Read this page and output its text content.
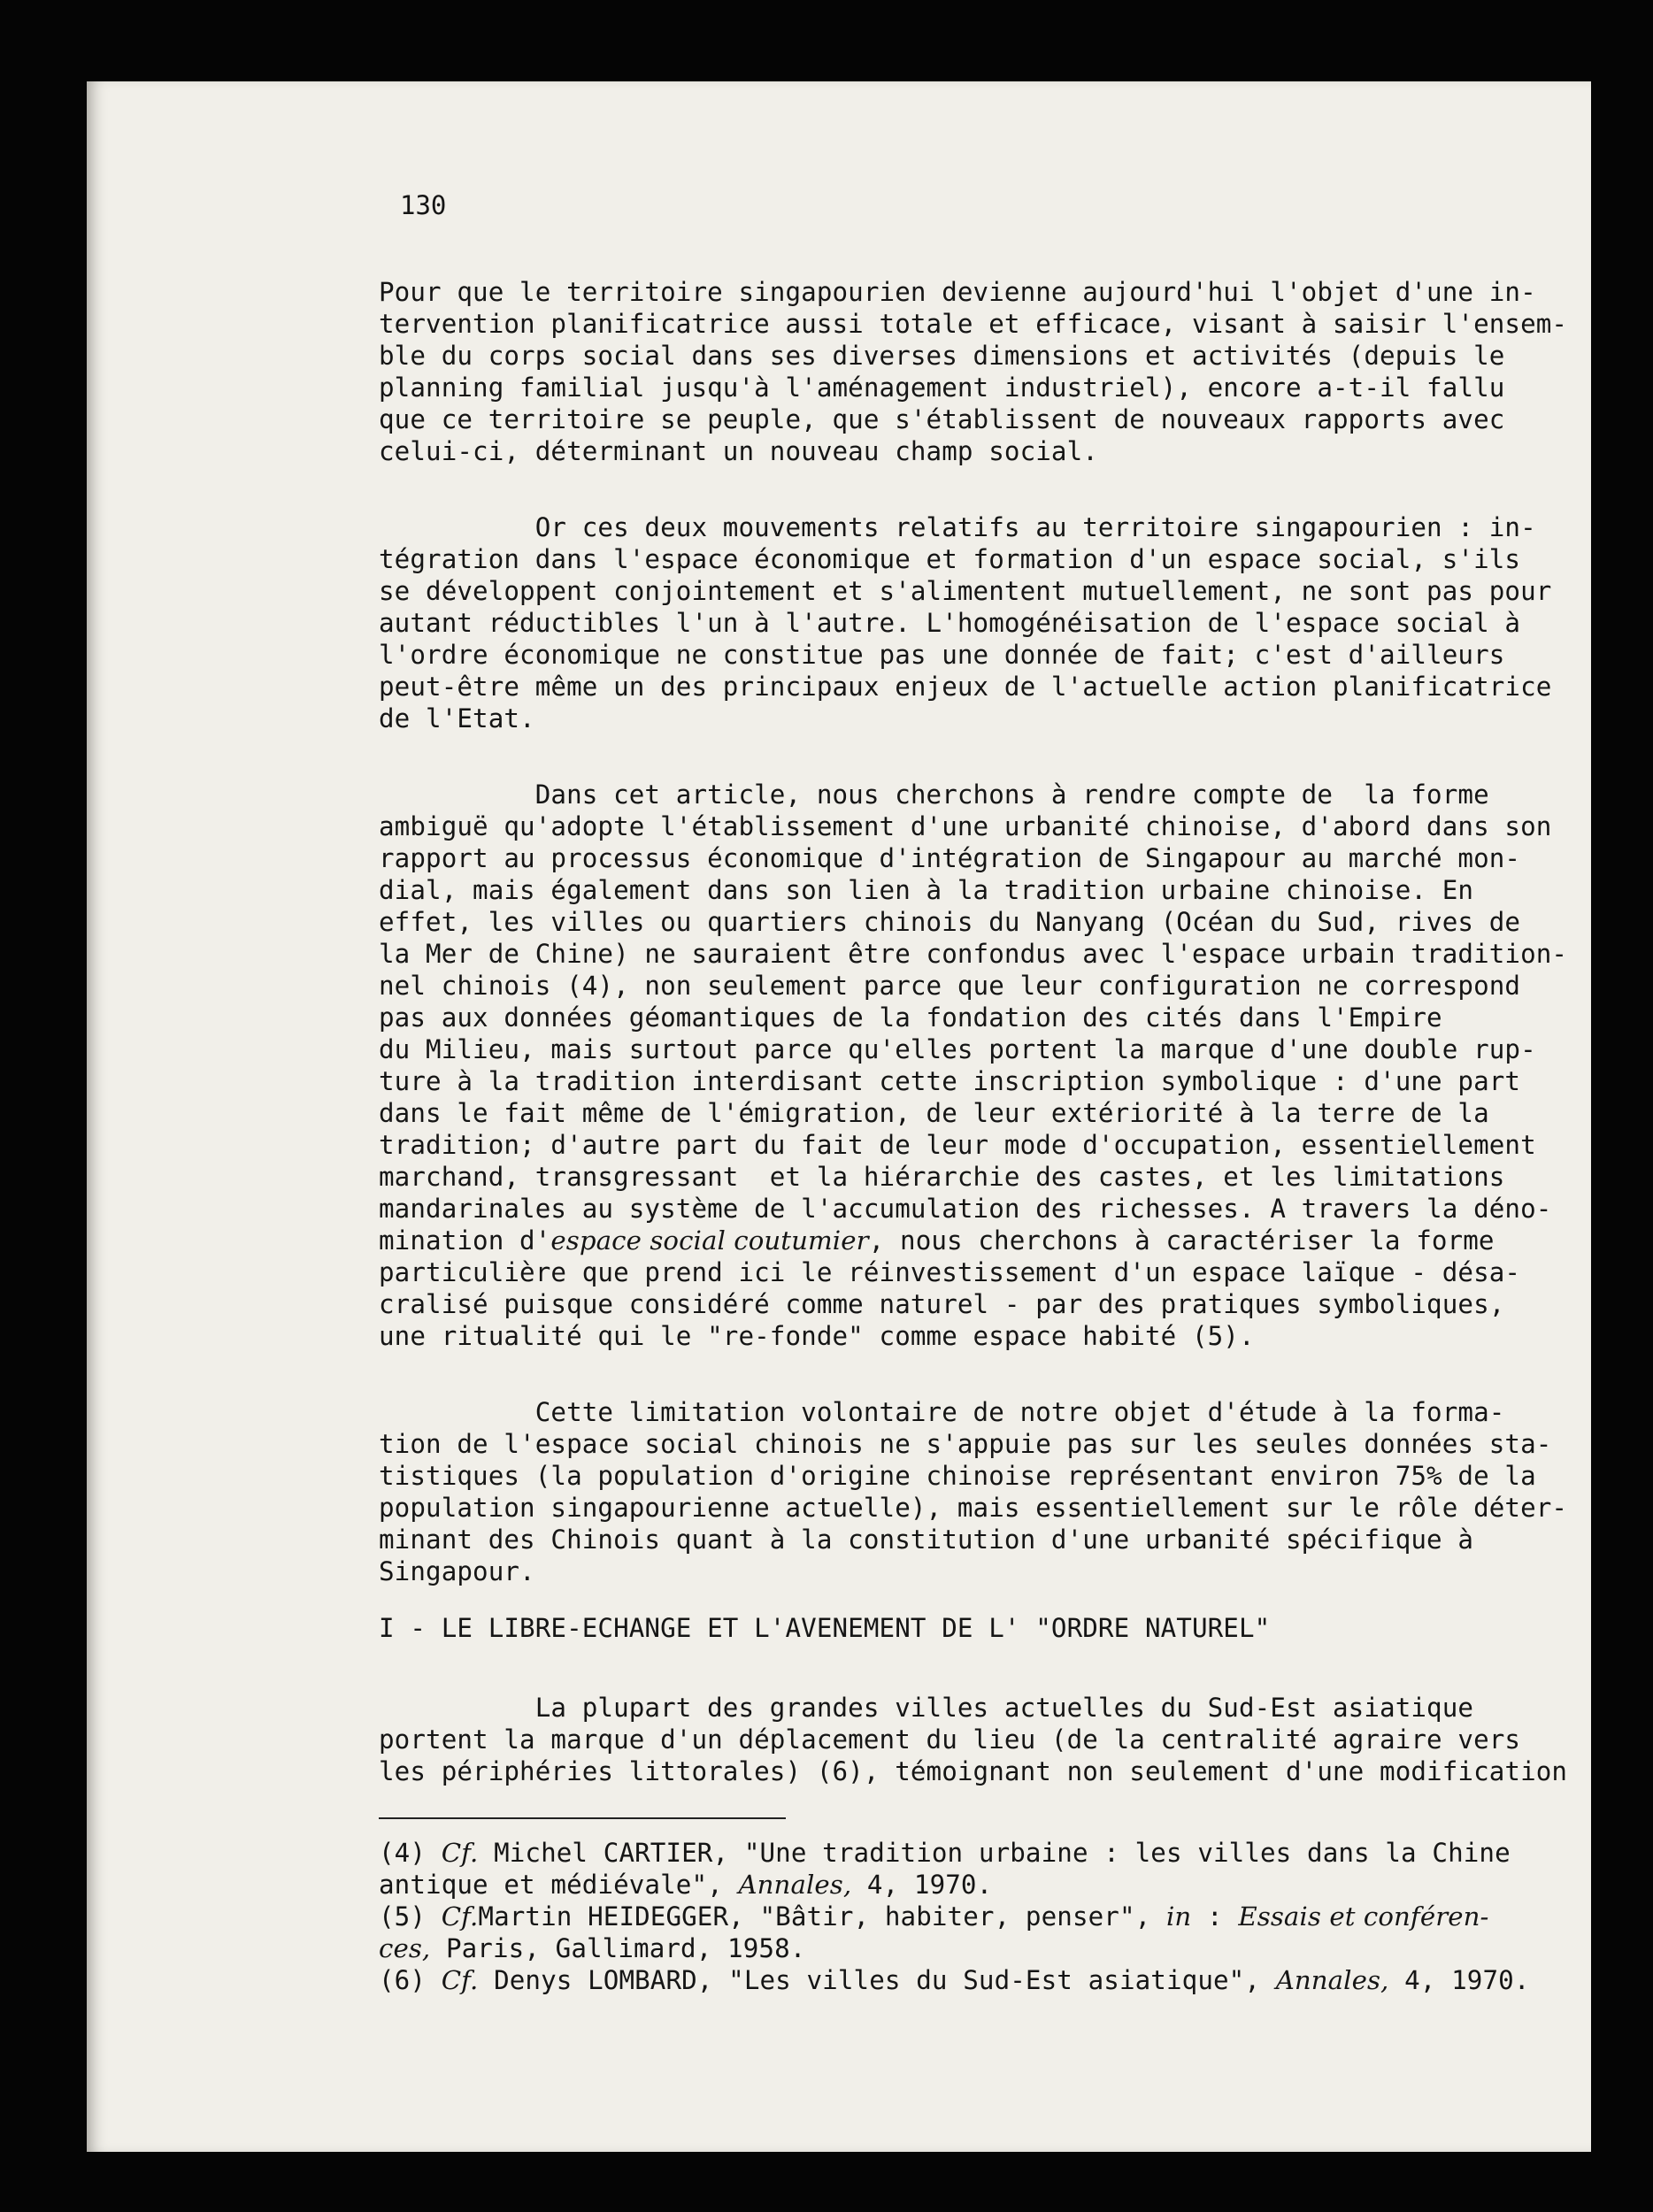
130

Pour que le territoire singapourien devienne aujourd'hui l'objet d'une in-

tervention planificatrice aussi totale et efficace, visant à saisir l'ensem-

ble du corps social dans ses diverses dimensions et activités (depuis le

planning familial jusqu'à l'aménagement industriel), encore a-t-il fallu

que ce territoire se peuple, que s'établissent de nouveaux rapports avec

celui-ci, déterminant un nouveau champ social.

Or ces deux mouvements relatifs au territoire singapourien : in-

tégration dans l'espace économique et formation d'un espace social, s'ils

se développent conjointement et s'alimentent mutuellement, ne sont pas pour

autant réductibles l'un à l'autre. L'homogénéisation de l'espace social à

l'ordre économique ne constitue pas une donnée de fait; c'est d'ailleurs

peut-être même un des principaux enjeux de l'actuelle action planificatrice

de l'Etat.

Dans cet article, nous cherchons à rendre compte de  la forme

ambiguë qu'adopte l'établissement d'une urbanité chinoise, d'abord dans son

rapport au processus économique d'intégration de Singapour au marché mon-

dial, mais également dans son lien à la tradition urbaine chinoise. En

effet, les villes ou quartiers chinois du Nanyang (Océan du Sud, rives de

la Mer de Chine) ne sauraient être confondus avec l'espace urbain tradition-

nel chinois (4), non seulement parce que leur configuration ne correspond

pas aux données géomantiques de la fondation des cités dans l'Empire

du Milieu, mais surtout parce qu'elles portent la marque d'une double rup-

ture à la tradition interdisant cette inscription symbolique : d'une part

dans le fait même de l'émigration, de leur extériorité à la terre de la

tradition; d'autre part du fait de leur mode d'occupation, essentiellement

marchand, transgressant  et la hiérarchie des castes, et les limitations

mandarinales au système de l'accumulation des richesses. A travers la déno-

mination d'espace social coutumier, nous cherchons à caractériser la forme

particulière que prend ici le réinvestissement d'un espace laïque - désa-

cralisé puisque considéré comme naturel - par des pratiques symboliques,

une ritualité qui le "re-fonde" comme espace habité (5).

Cette limitation volontaire de notre objet d'étude à la forma-

tion de l'espace social chinois ne s'appuie pas sur les seules données sta-

tistiques (la population d'origine chinoise représentant environ 75% de la

population singapourienne actuelle), mais essentiellement sur le rôle déter-

minant des Chinois quant à la constitution d'une urbanité spécifique à

Singapour.

I - LE LIBRE-ECHANGE ET L'AVENEMENT DE L' "ORDRE NATUREL"

La plupart des grandes villes actuelles du Sud-Est asiatique

portent la marque d'un déplacement du lieu (de la centralité agraire vers

les périphéries littorales) (6), témoignant non seulement d'une modification

(4) Cf. Michel CARTIER, "Une tradition urbaine : les villes dans la Chine

antique et médiévale", Annales, 4, 1970.

(5) Cf.Martin HEIDEGGER, "Bâtir, habiter, penser", in : Essais et conféren-

ces, Paris, Gallimard, 1958.

(6) Cf. Denys LOMBARD, "Les villes du Sud-Est asiatique", Annales, 4, 1970.
